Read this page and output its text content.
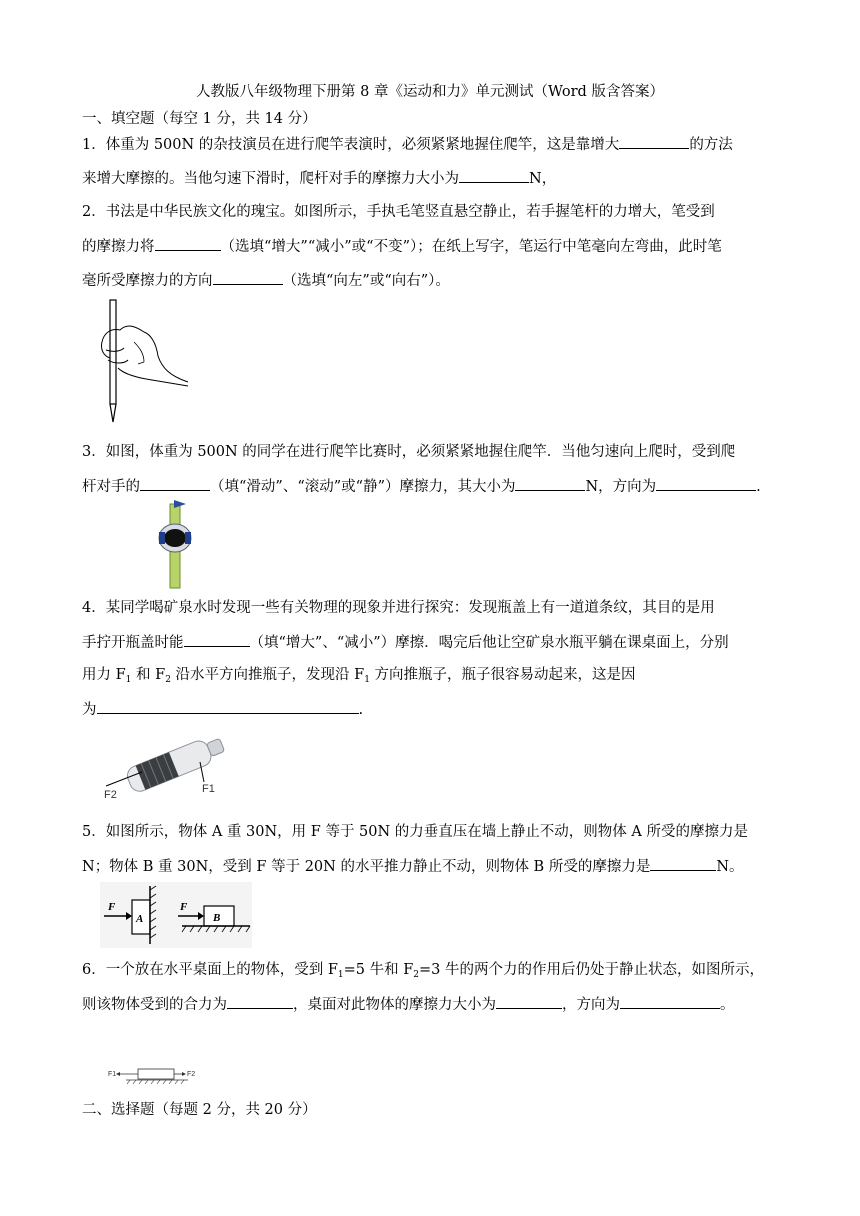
人教版八年级物理下册第 8 章《运动和力》单元测试（Word 版含答案）
一、填空题（每空 1 分，共 14 分）
1．体重为 500N 的杂技演员在进行爬竿表演时，必须紧紧地握住爬竿，这是靠增大	的方法
来增大摩擦的。当他匀速下滑时，爬杆对手的摩擦力大小为	N，
2．书法是中华民族文化的瑰宝。如图所示，手执毛笔竖直悬空静止，若手握笔杆的力增大，笔受到
的摩擦力将	（选填“增大”“减小”或“不变”）；在纸上写字，笔运行中笔毫向左弯曲，此时笔
毫所受摩擦力的方向	（选填“向左”或“向右”）。
3．如图，体重为 500N 的同学在进行爬竿比赛时，必须紧紧地握住爬竿．当他匀速向上爬时，受到爬
杆对手的	（填“滑动”、“滚动”或“静”）摩擦力，其大小为	N，方向为	.
4．某同学喝矿泉水时发现一些有关物理的现象并进行探究：发现瓶盖上有一道道条纹，其目的是用
手拧开瓶盖时能	（填“增大”、“减小”）摩擦．喝完后他让空矿泉水瓶平躺在课桌面上，分别
用力 $F_1$ 和 $F_2$ 沿水平方向推瓶子，发现沿 $F_1$ 方向推瓶子，瓶子很容易动起来，这是因
为	.
F2	F1
5．如图所示，物体 A 重 30N，用 F 等于 50N 的力垂直压在墙上静止不动，则物体 A 所受的摩擦力是
N；物体 B 重 30N，受到 F 等于 20N 的水平推力静止不动，则物体 B 所受的摩擦力是	N。
F
A
F
B
6．一个放在水平桌面上的物体，受到 $F_1=5$ 牛和 $F_2=3$ 牛的两个力的作用后仍处于静止状态，如图所示，
则该物体受到的合力为	，桌面对此物体的摩擦力大小为	，方向为	。
F1	F2
二、选择题（每题 2 分，共 20 分）
